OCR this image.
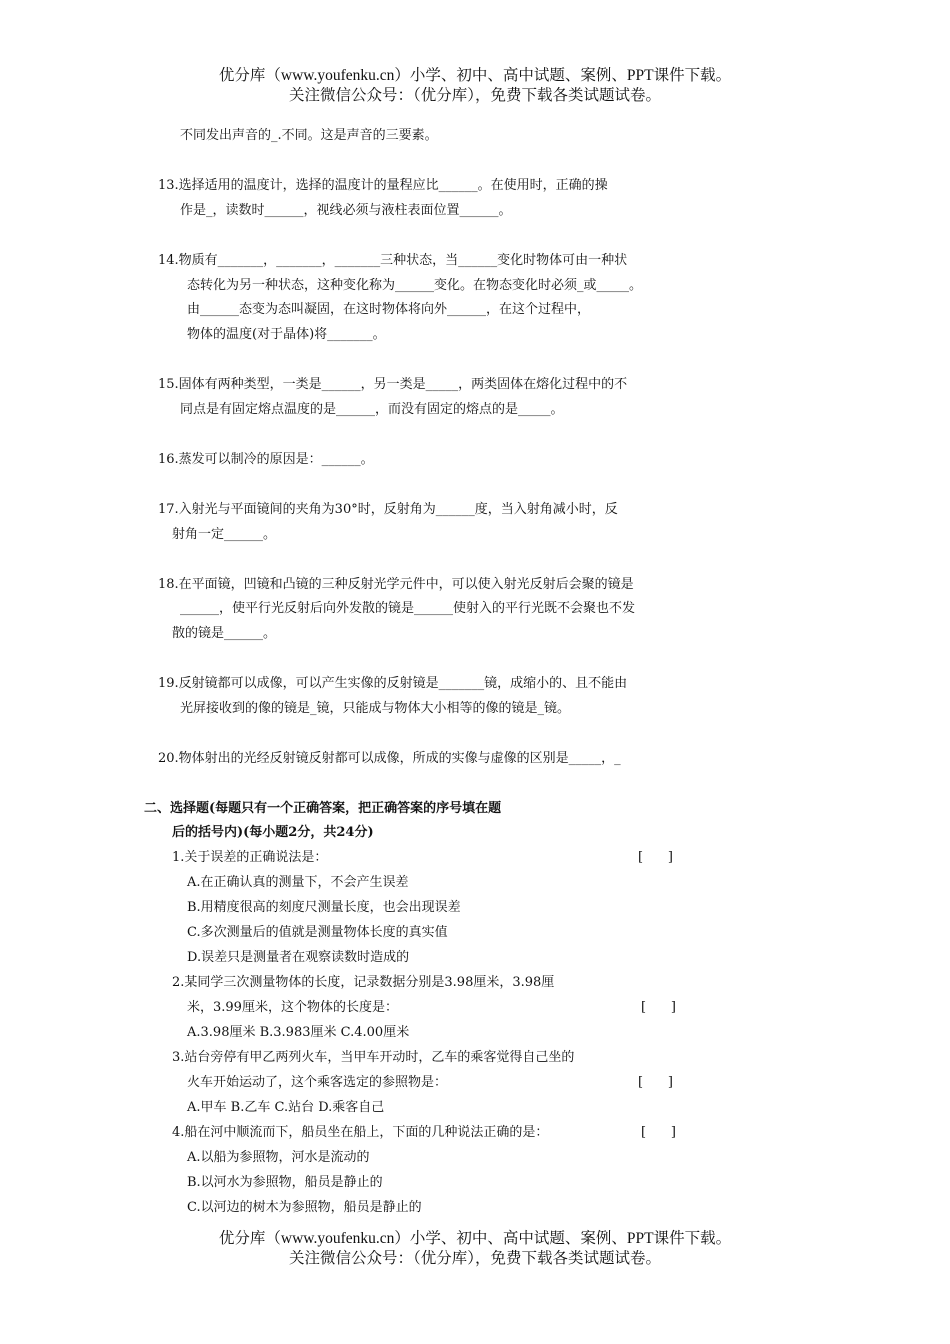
优分库（www.youfenku.cn）小学、初中、高中试题、案例、PPT课件下载。
关注微信公众号：（优分库），免费下载各类试题试卷。
不同发出声音的_.不同。这是声音的三要素。
13.选择适用的温度计，选择的温度计的量程应比______。在使用时，正确的操
作是_，读数时______，视线必须与液柱表面位置______。
14.物质有_______，_______，_______三种状态，当______变化时物体可由一种状
态转化为另一种状态，这种变化称为______变化。在物态变化时必须_或_____。
由______态变为态叫凝固，在这时物体将向外______，在这个过程中，
物体的温度(对于晶体)将_______。
15.固体有两种类型，一类是______，另一类是_____，两类固体在熔化过程中的不
同点是有固定熔点温度的是______，而没有固定的熔点的是_____。
16.蒸发可以制冷的原因是：______。
17.入射光与平面镜间的夹角为30°时，反射角为______度，当入射角减小时，反
射角一定______。
18.在平面镜，凹镜和凸镜的三种反射光学元件中，可以使入射光反射后会聚的镜是
______，使平行光反射后向外发散的镜是______使射入的平行光既不会聚也不发
散的镜是______。
19.反射镜都可以成像，可以产生实像的反射镜是_______镜，成缩小的、且不能由
光屏接收到的像的镜是_镜，只能成与物体大小相等的像的镜是_镜。
20.物体射出的光经反射镜反射都可以成像，所成的实像与虚像的区别是_____，_
二、选择题(每题只有一个正确答案，把正确答案的序号填在题
后的括号内)(每小题2分，共24分)
1.关于误差的正确说法是：	[      ]
A.在正确认真的测量下，不会产生误差
B.用精度很高的刻度尺测量长度，也会出现误差
C.多次测量后的值就是测量物体长度的真实值
D.误差只是测量者在观察读数时造成的
2.某同学三次测量物体的长度，记录数据分别是3.98厘米，3.98厘
米，3.99厘米，这个物体的长度是：	[      ]
A.3.98厘米 B.3.983厘米 C.4.00厘米
3.站台旁停有甲乙两列火车，当甲车开动时，乙车的乘客觉得自己坐的
火车开始运动了，这个乘客选定的参照物是：	[      ]
A.甲车 B.乙车 C.站台 D.乘客自己
4.船在河中顺流而下，船员坐在船上，下面的几种说法正确的是：	[      ]
A.以船为参照物，河水是流动的
B.以河水为参照物，船员是静止的
C.以河边的树木为参照物，船员是静止的
优分库（www.youfenku.cn）小学、初中、高中试题、案例、PPT课件下载。
关注微信公众号：（优分库），免费下载各类试题试卷。
